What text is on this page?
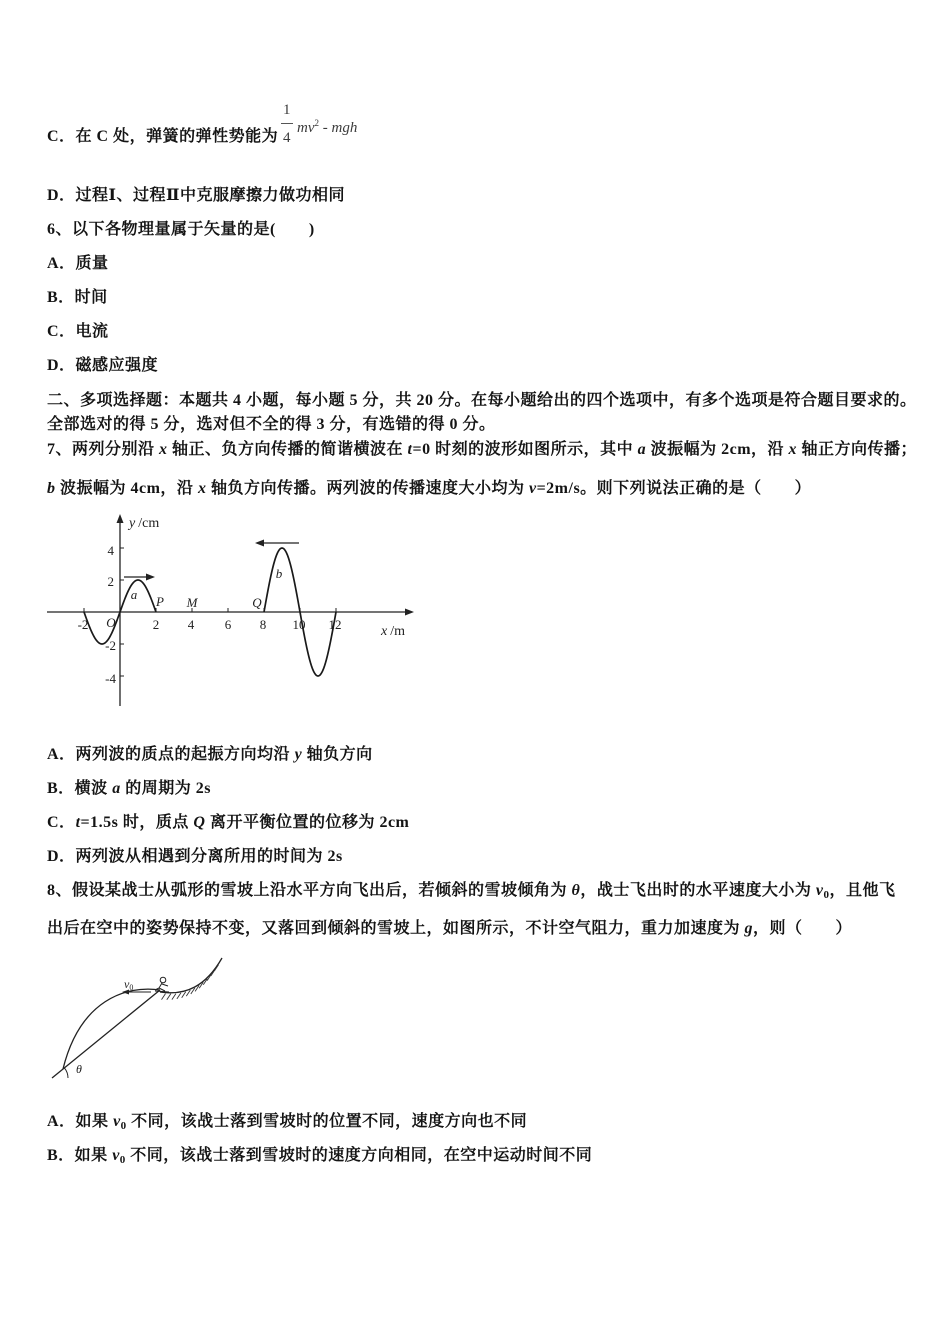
C．在 C 处，弹簧的弹性势能为
1
4
$mv^2$ - mgh
D．过程Ⅰ、过程Ⅱ中克服摩擦力做功相同
6、以下各物理量属于矢量的是(　　)
A．质量
B．时间
C．电流
D．磁感应强度
二、多项选择题：本题共 4 小题，每小题 5 分，共 20 分。在每小题给出的四个选项中，有多个选项是符合题目要求的。
全部选对的得 5 分，选对但不全的得 3 分，有选错的得 0 分。
7、两列分别沿 x 轴正、负方向传播的简谐横波在 t=0 时刻的波形如图所示，其中 a 波振幅为 2cm，沿 x 轴正方向传播；
b 波振幅为 4cm，沿 x 轴负方向传播。两列波的传播速度大小均为 v=2m/s。则下列说法正确的是（　　）
y /cm
x /m
4
2
-2
-4
-2	2 4 6 8 10 12
O
a
b
P M	Q
A．两列波的质点的起振方向均沿 y 轴负方向
B．横波 a 的周期为 2s
C．t=1.5s 时，质点 Q 离开平衡位置的位移为 2cm
D．两列波从相遇到分离所用的时间为 2s
8、假设某战士从弧形的雪坡上沿水平方向飞出后，若倾斜的雪坡倾角为 θ，战士飞出时的水平速度大小为 v0，且他飞
出后在空中的姿势保持不变，又落回到倾斜的雪坡上，如图所示，不计空气阻力，重力加速度为 g，则（　　）
v0
θ
A．如果 v0 不同，该战士落到雪坡时的位置不同，速度方向也不同
B．如果 v0 不同，该战士落到雪坡时的速度方向相同，在空中运动时间不同
